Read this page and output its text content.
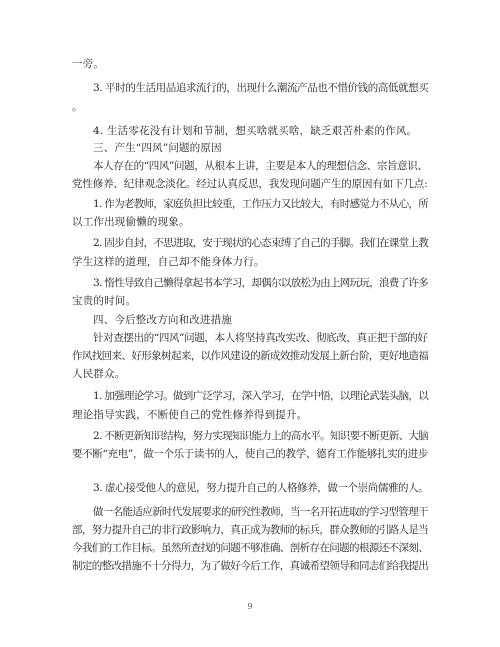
一旁。
3. 平时的生活用品追求流行的，出现什么潮流产品也不惜价钱的高低就想买
。
4. 生活零花没有计划和节制，想买啥就买啥，缺乏艰苦朴素的作风。
三、产生“四风”问题的原因
本人存在的“四风”问题，从根本上讲，主要是本人的理想信念、宗旨意识、
党性修养、纪律观念淡化。经过认真反思，我发现问题产生的原因有如下几点:
1. 作为老教师，家庭负担比较重，工作压力又比较大，有时感觉力不从心，所
以工作出现偷懒的现象。
2. 固步自封，不思进取，安于现状的心态束缚了自己的手脚。我们在课堂上教
学生这样的道理，自己却不能身体力行。
3. 惰性导致自己懒得拿起书本学习，却偶尔以放松为由上网玩玩，浪费了许多
宝贵的时间。
四、今后整改方向和改进措施
针对查摆出的“四风”问题，本人将坚持真改实改、彻底改，真正把干部的好
作风找回来、好形象树起来，以作风建设的新成效推动发展上新台阶，更好地造福
人民群众。
1. 加强理论学习。做到广泛学习，深入学习，在学中悟，以理论武装头脑，以
理论指导实践，不断使自己的党性修养得到提升。
2. 不断更新知识结构，努力实现知识能力上的高水平。知识要不断更新、大脑
要不断“充电”，做一个乐于读书的人，使自己的教学、德育工作能够扎实的进步
3. 虚心接受他人的意见，努力提升自己的人格修养，做一个崇尚儒雅的人。
做一名能适应新时代发展要求的研究性教师，当一名开拓进取的学习型管理干
部，努力提升自己的非行政影响力，真正成为教师的标兵，群众教师的引路人是当
今我们的工作目标。虽然所查找的问题不够准确、剖析存在问题的根源还不深刻、
制定的整改措施不十分得力，为了做好今后工作，真诚希望领导和同志们给我提出
9
